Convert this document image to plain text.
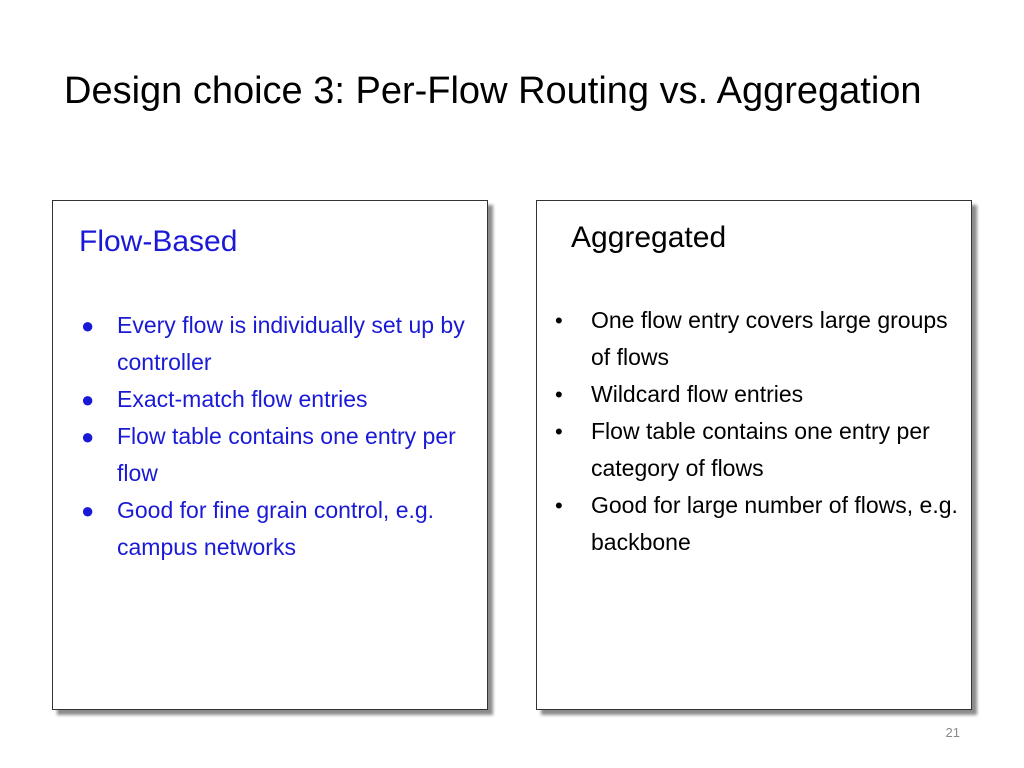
Design choice 3: Per-Flow Routing vs. Aggregation
Flow-Based
● Every flow is individually set up by controller
● Exact-match flow entries
● Flow table contains one entry per flow
● Good for fine grain control, e.g. campus networks
Aggregated
•	One flow entry covers large groups of flows
•	Wildcard flow entries
•	Flow table contains one entry per category of flows
•	Good for large number of flows, e.g. backbone
21
